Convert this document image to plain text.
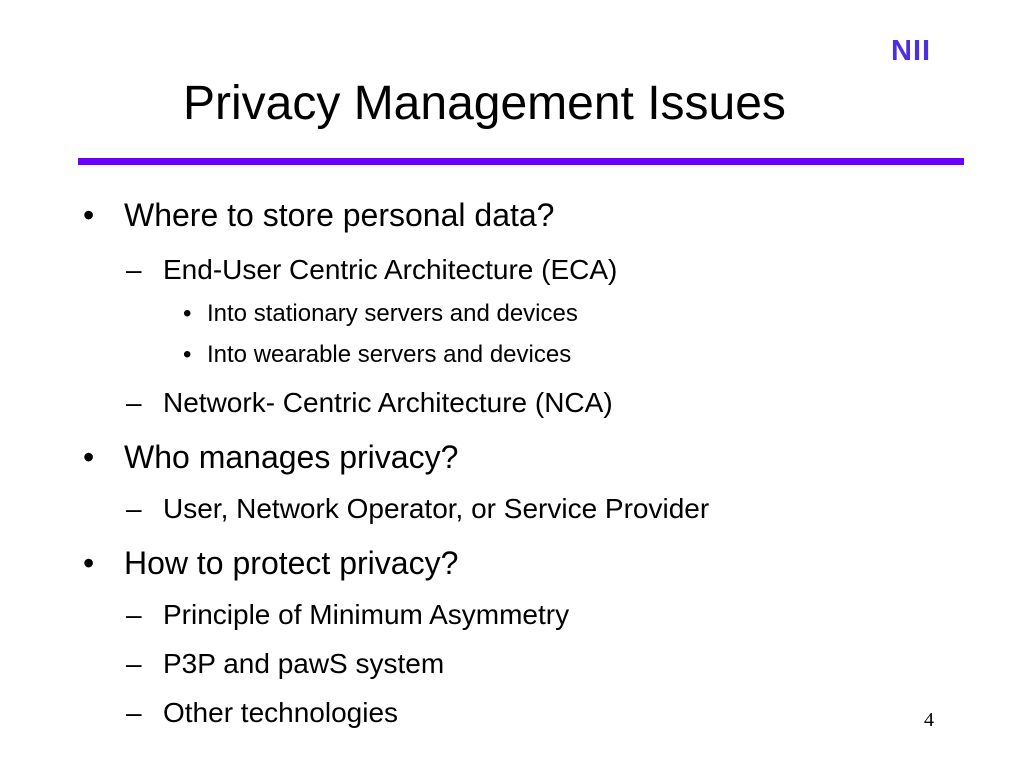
NII
Privacy Management Issues
• Where to store personal data?
– End-User Centric Architecture (ECA)
• Into stationary servers and devices
• Into wearable servers and devices
– Network- Centric Architecture (NCA)
• Who manages privacy?
– User, Network Operator, or Service Provider
• How to protect privacy?
– Principle of Minimum Asymmetry
– P3P and pawS system
– Other technologies	4
